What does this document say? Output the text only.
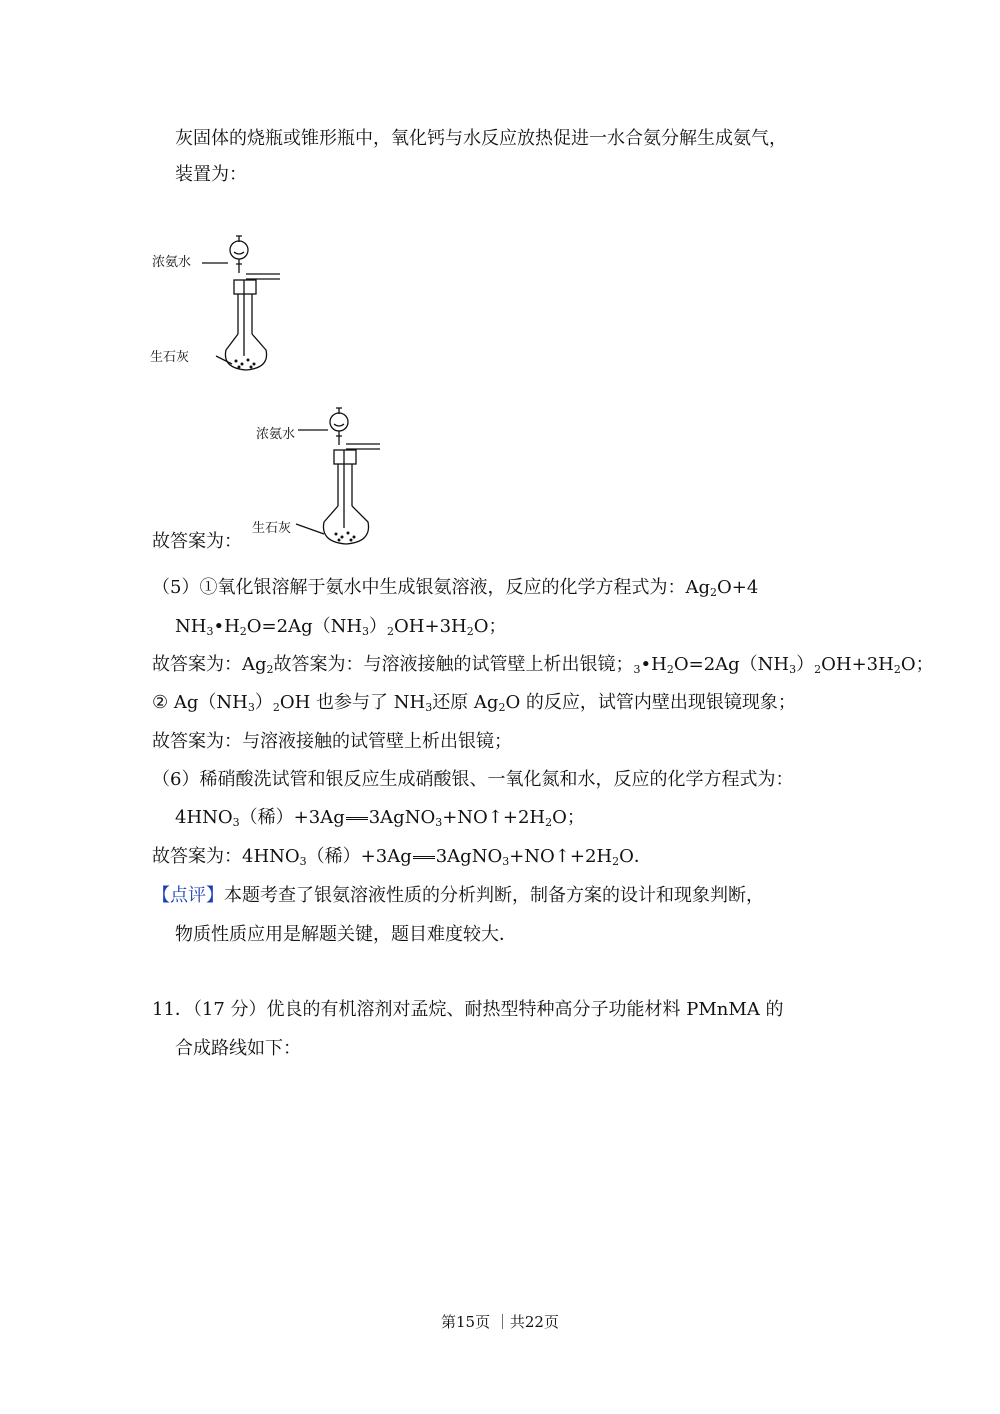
灰固体的烧瓶或锥形瓶中，氧化钙与水反应放热促进一水合氨分解生成氨气，
装置为：
浓氨水
生石灰
浓氨水
生石灰
故答案为：
（5）①氧化银溶解于氨水中生成银氨溶液，反应的化学方程式为：$Ag_2O+4$
$NH_3•H_2O=2Ag(NH_3)_2OH+3H_2O$；
故答案为：$Ag_2$故答案为：与溶液接触的试管壁上析出银镜；$_3•H_2O=2Ag(NH_3)_2OH+3H_2O$；
② $Ag(NH_3)_2OH$ 也参与了 $NH_3$还原 $Ag_2O$ 的反应，试管内壁出现银镜现象；
故答案为：与溶液接触的试管壁上析出银镜；
（6）稀硝酸洗试管和银反应生成硝酸银、一氧化氮和水，反应的化学方程式为：
$4HNO_3$（稀）+3Ag $3AgNO_3+NO↑+2H_2O$；
故答案为：$4HNO_3$（稀）+3Ag $3AgNO_3+NO↑+2H_2O$．
【点评】本题考查了银氨溶液性质的分析判断，制备方案的设计和现象判断，
物质性质应用是解题关键，题目难度较大．
11．（17 分）优良的有机溶剂对孟烷、耐热型特种高分子功能材料 PMnMA 的
合成路线如下：
第15页 ｜共22页
